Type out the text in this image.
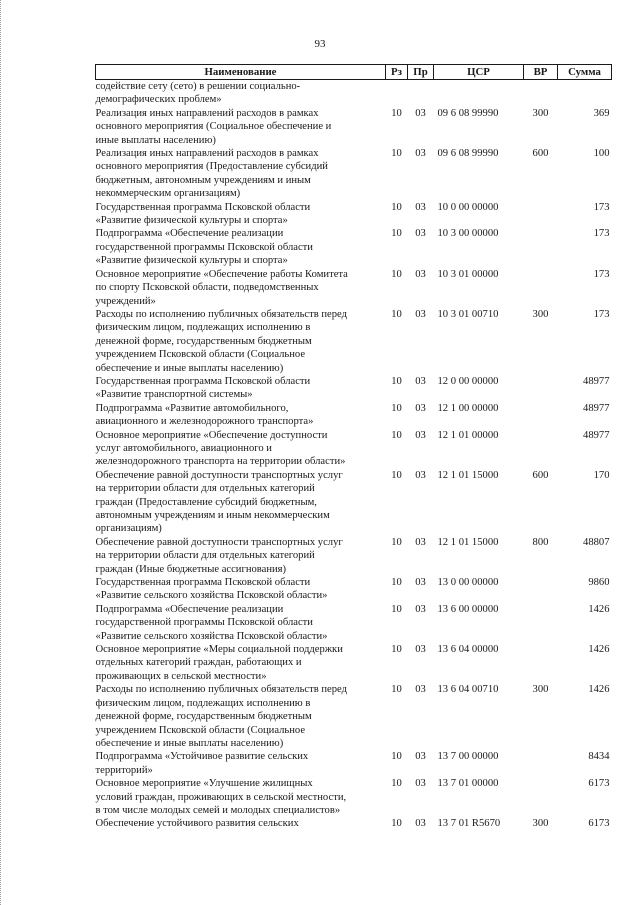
93
Наименование	Рз	Пр	ЦСР	ВР	Сумма

содействие сету (сето) в решении социально-
демографических проблем»					

Реализация иных направлений расходов в рамках
основного мероприятия (Социальное обеспечение и
иные выплаты населению)	10	03	09 6 08 99990	300	369

Реализация иных направлений расходов в рамках
основного мероприятия (Предоставление субсидий
бюджетным, автономным учреждениям и иным
некоммерческим организациям)	10	03	09 6 08 99990	600	100

Государственная программа Псковской области
«Развитие физической культуры и спорта»	10	03	10 0 00 00000		173

Подпрограмма «Обеспечение реализации
государственной программы Псковской области
«Развитие физической культуры и спорта»	10	03	10 3 00 00000		173

Основное мероприятие «Обеспечение работы Комитета
по спорту Псковской области, подведомственных
учреждений»	10	03	10 3 01 00000		173

Расходы по исполнению публичных обязательств перед
физическим лицом, подлежащих исполнению в
денежной форме, государственным бюджетным
учреждением Псковской области (Социальное
обеспечение и иные выплаты населению)	10	03	10 3 01 00710	300	173

Государственная программа Псковской области
«Развитие транспортной системы»	10	03	12 0 00 00000		48977

Подпрограмма «Развитие автомобильного,
авиационного и железнодорожного транспорта»	10	03	12 1 00 00000		48977

Основное мероприятие «Обеспечение доступности
услуг автомобильного, авиационного и
железнодорожного транспорта на территории области»	10	03	12 1 01 00000		48977

Обеспечение равной доступности транспортных услуг
на территории области для отдельных категорий
граждан (Предоставление субсидий бюджетным,
автономным учреждениям и иным некоммерческим
организациям)	10	03	12 1 01 15000	600	170

Обеспечение равной доступности транспортных услуг
на территории области для отдельных категорий
граждан (Иные бюджетные ассигнования)	10	03	12 1 01 15000	800	48807

Государственная программа Псковской области
«Развитие сельского хозяйства Псковской области»	10	03	13 0 00 00000		9860

Подпрограмма «Обеспечение реализации
государственной программы Псковской области
«Развитие сельского хозяйства Псковской области»	10	03	13 6 00 00000		1426

Основное мероприятие «Меры социальной поддержки
отдельных категорий граждан, работающих и
проживающих в сельской местности»	10	03	13 6 04 00000		1426

Расходы по исполнению публичных обязательств перед
физическим лицом, подлежащих исполнению в
денежной форме, государственным бюджетным
учреждением Псковской области (Социальное
обеспечение и иные выплаты населению)	10	03	13 6 04 00710	300	1426

Подпрограмма «Устойчивое развитие сельских
территорий»	10	03	13 7 00 00000		8434

Основное мероприятие «Улучшение жилищных
условий граждан, проживающих в сельской местности,
в том числе молодых семей и молодых специалистов»	10	03	13 7 01 00000		6173

Обеспечение устойчивого развития сельских	10	03	13 7 01 R5670	300	6173
